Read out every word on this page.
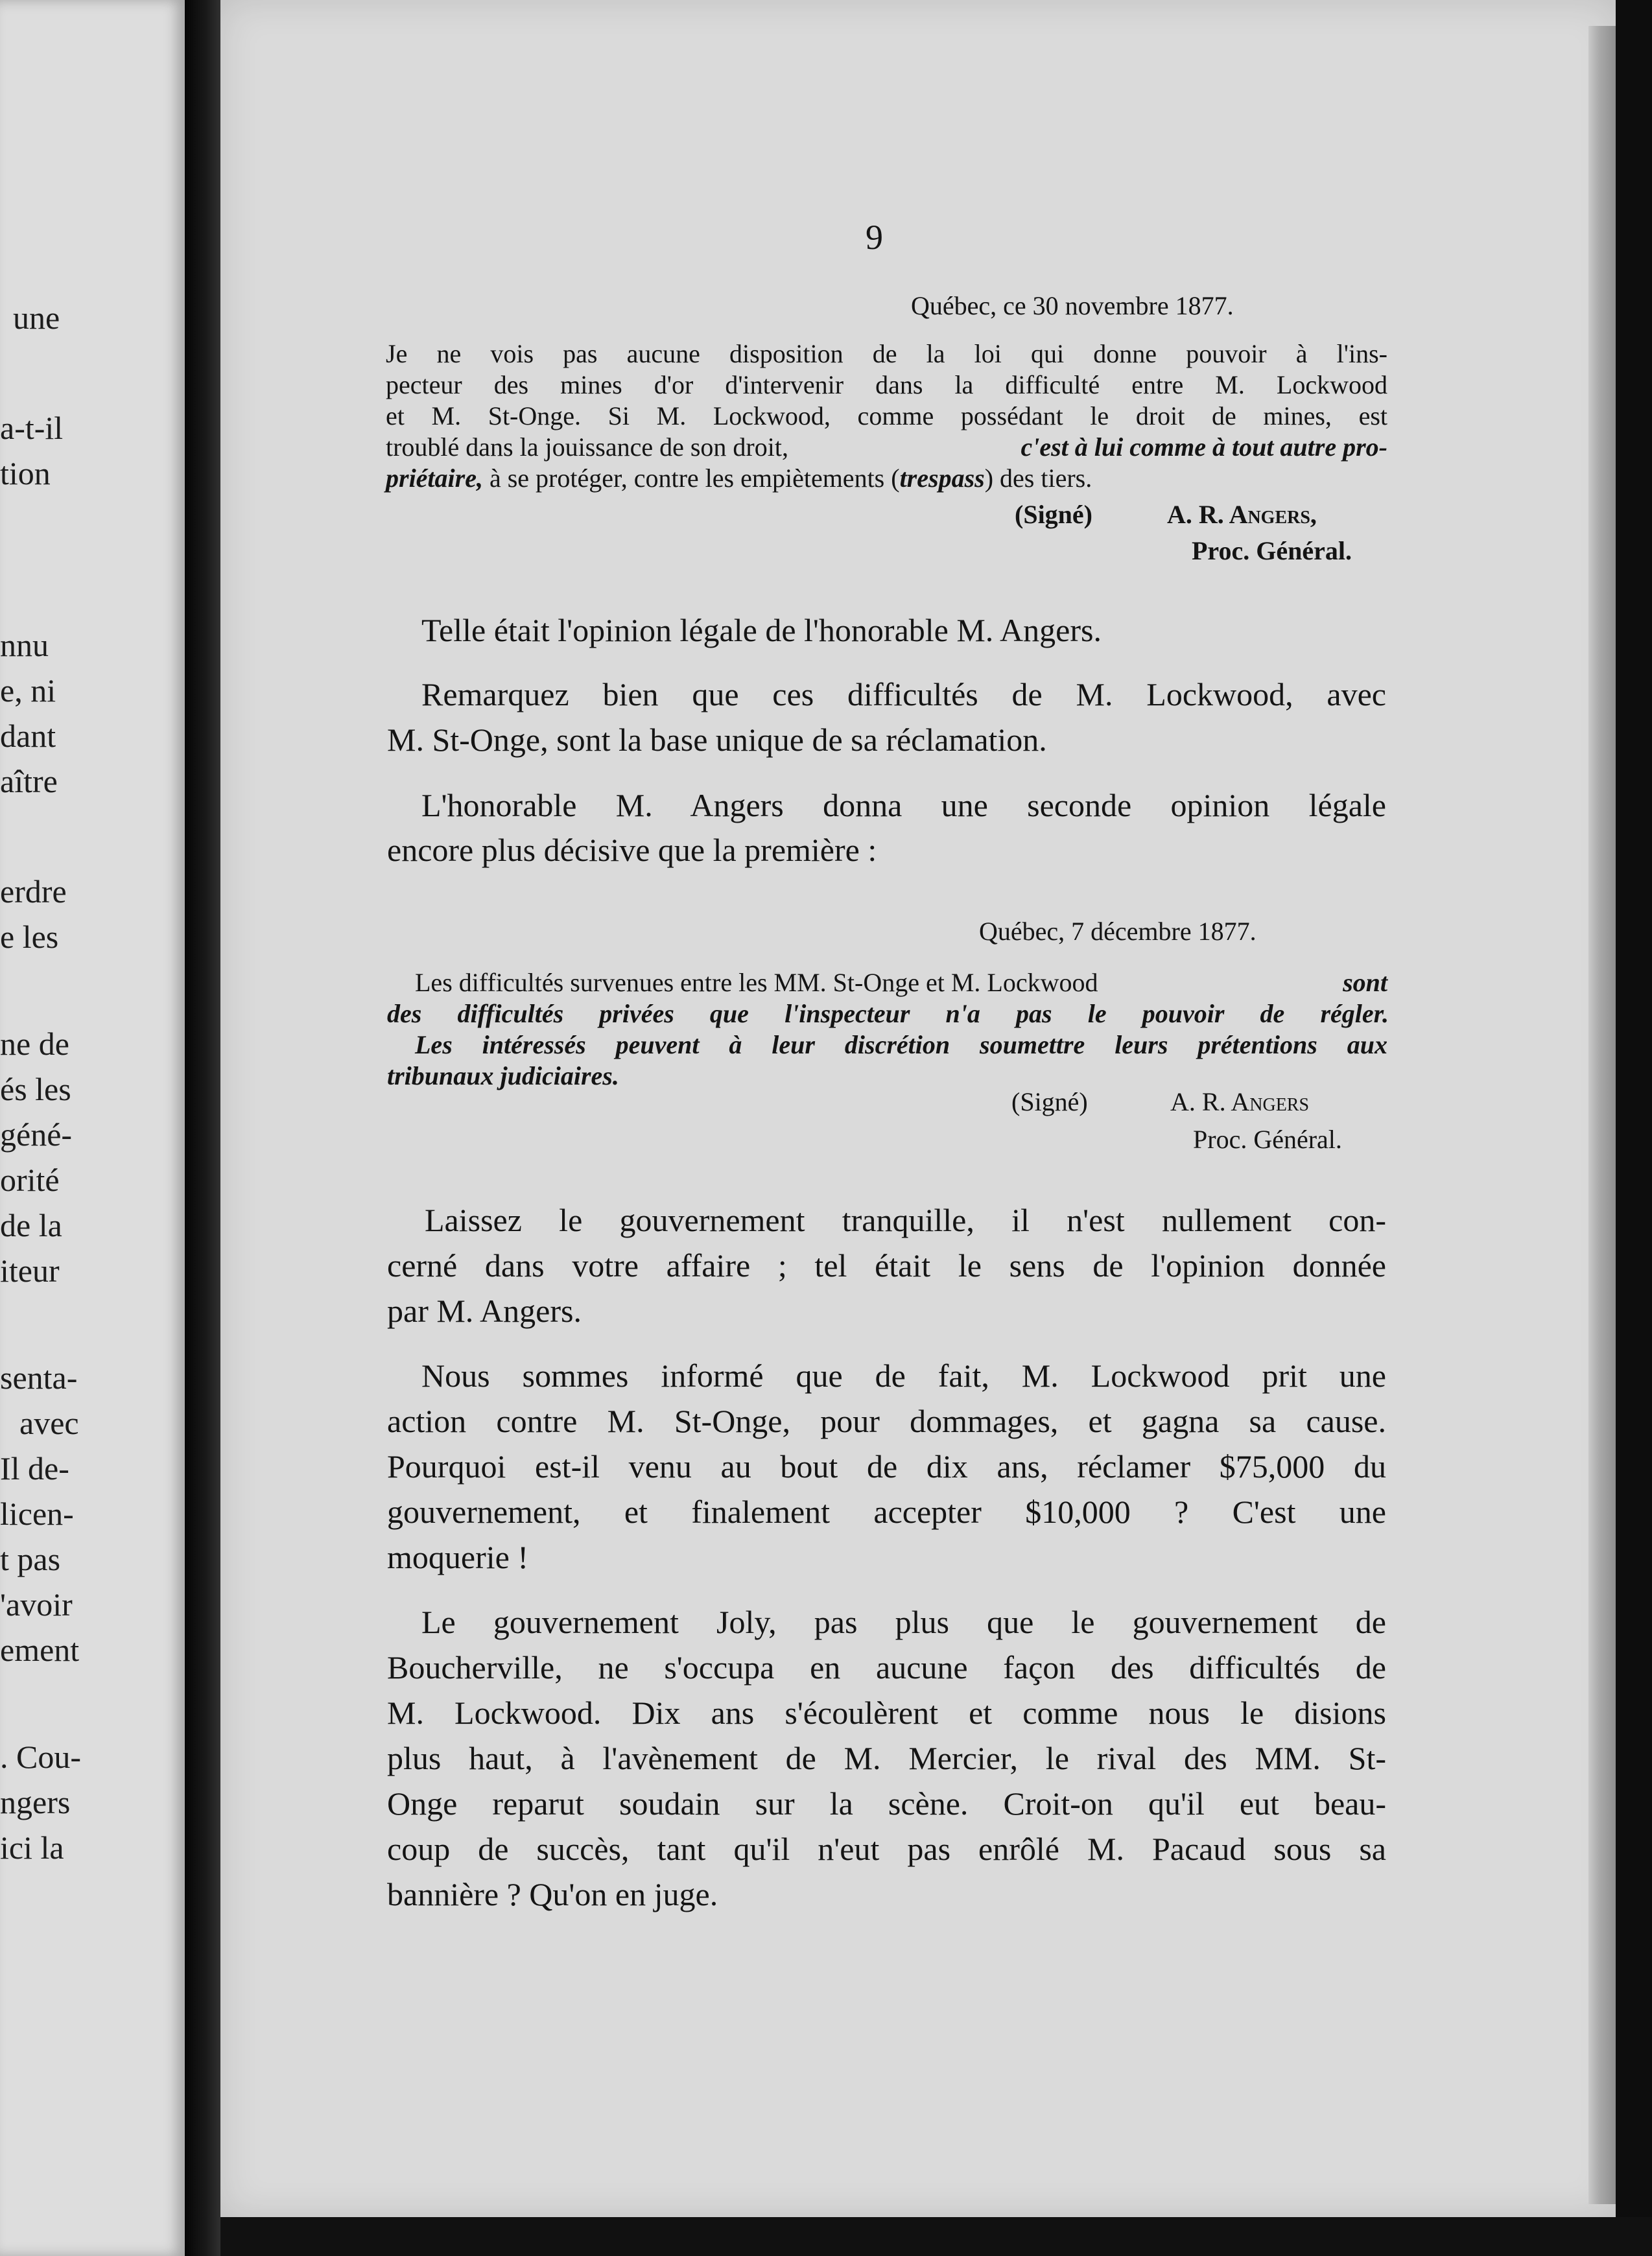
une
a-t-il
tion
nnu
e, ni
dant
aître
erdre
e les
ne de
és les
géné-
orité
de la
iteur
senta-
avec
Il de-
licen-
t pas
'avoir
ement
. Cou-
ngers
ici la
9
Québec, ce 30 novembre 1877.
Je ne vois pas aucune disposition de la loi qui donne pouvoir à l'ins-
pecteur des mines d'or d'intervenir dans la difficulté entre M. Lockwood
et M. St-Onge. Si M. Lockwood, comme possédant le droit de mines, est
troublé dans la jouissance de son droit,	c'est à lui comme à tout autre pro-
priétaire, à se protéger, contre les empiètements (trespass) des tiers.
(Signé)	A. R. Angers,
Proc. Général.
Telle était l'opinion légale de l'honorable M. Angers.
Remarquez bien que ces difficultés de M. Lockwood, avec
M. St-Onge, sont la base unique de sa réclamation.
L'honorable M. Angers donna une seconde opinion légale
encore plus décisive que la première :
Québec, 7 décembre 1877.
Les difficultés survenues entre les MM. St-Onge et M. Lockwood	sont
des difficultés privées que l'inspecteur n'a pas le pouvoir de régler.
Les intéressés peuvent à leur discrétion soumettre leurs prétentions aux
tribunaux judiciaires.
(Signé)	A. R. Angers
Proc. Général.
Laissez le gouvernement tranquille, il n'est nullement con-
cerné dans votre affaire ; tel était le sens de l'opinion donnée
par M. Angers.
Nous sommes informé que de fait, M. Lockwood prit une
action contre M. St-Onge, pour dommages, et gagna sa cause.
Pourquoi est-il venu au bout de dix ans, réclamer $75,000 du
gouvernement, et finalement accepter $10,000 ? C'est une
moquerie !
Le gouvernement Joly, pas plus que le gouvernement de
Boucherville, ne s'occupa en aucune façon des difficultés de
M. Lockwood. Dix ans s'écoulèrent et comme nous le disions
plus haut, à l'avènement de M. Mercier, le rival des MM. St-
Onge reparut soudain sur la scène. Croit-on qu'il eut beau-
coup de succès, tant qu'il n'eut pas enrôlé M. Pacaud sous sa
bannière ? Qu'on en juge.
